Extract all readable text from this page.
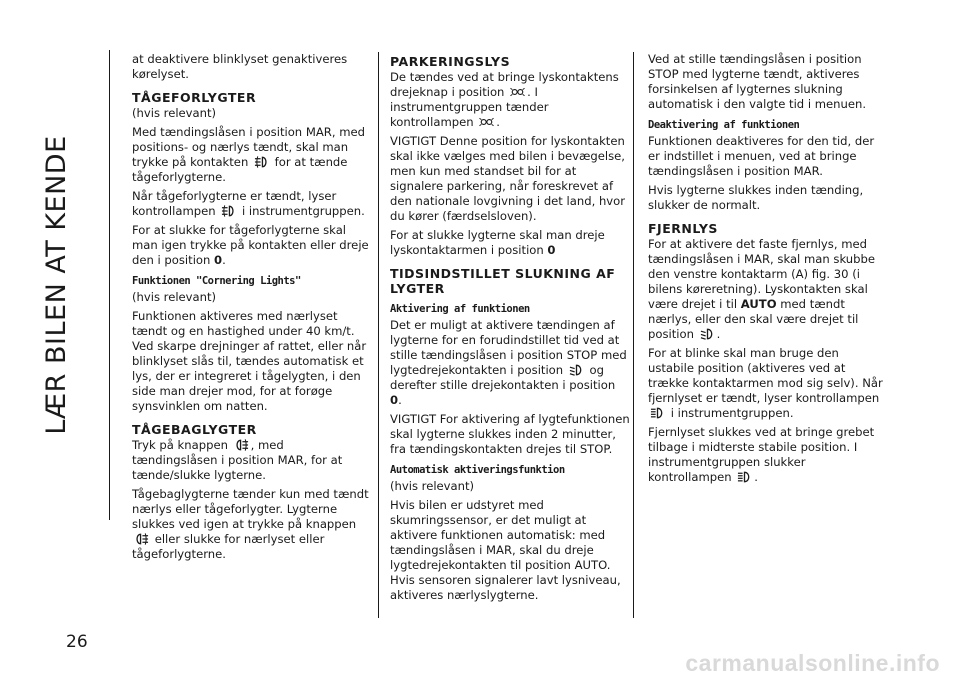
LÆR BILEN AT KENDE
26

at deaktivere blinklyset genaktiveres kørelyset.

TÅGEFORLYGTER

(hvis relevant)

Med tændingslåsen i position MAR, med positions- og nærlys tændt, skal man trykke på kontakten for at tænde tågeforlygterne.

Når tågeforlygterne er tændt, lyser kontrollampen i instrumentgruppen.

For at slukke for tågeforlygterne skal man igen trykke på kontakten eller dreje den i position 0.

Funktionen "Cornering Lights"

(hvis relevant)

Funktionen aktiveres med nærlyset tændt og en hastighed under 40 km/t. Ved skarpe drejninger af rattet, eller når blinklyset slås til, tændes automatisk et lys, der er integreret i tågelygten, i den side man drejer mod, for at forøge synsvinklen om natten.

TÅGEBAGLYGTER

Tryk på knappen , med tændingslåsen i position MAR, for at tænde/slukke lygterne.

Tågebaglygterne tænder kun med tændt nærlys eller tågeforlygter. Lygterne slukkes ved igen at trykke på knappen
eller slukke for nærlyset eller tågeforlygterne.

PARKERINGSLYS

De tændes ved at bringe lyskontaktens drejeknap i position . I instrumentgruppen tænder kontrollampen .

VIGTIGT Denne position for lyskontakten skal ikke vælges med bilen i bevægelse, men kun med standset bil for at signalere parkering, når foreskrevet af den nationale lovgivning i det land, hvor du kører (færdselsloven).

For at slukke lygterne skal man dreje lyskontaktarmen i position 0

TIDSINDSTILLET SLUKNING AF LYGTER
Aktivering af funktionen

Det er muligt at aktivere tændingen af lygterne for en forudindstillet tid ved at stille tændingslåsen i position STOP med lygtedrejekontakten i position og derefter stille drejekontakten i position 0.

VIGTIGT For aktivering af lygtefunktionen skal lygterne slukkes inden 2 minutter, fra tændingskontakten drejes til STOP.

Automatisk aktiveringsfunktion

(hvis relevant)

Hvis bilen er udstyret med skumringssensor, er det muligt at aktivere funktionen automatisk: med tændingslåsen i MAR, skal du dreje lygtedrejekontakten til position AUTO. Hvis sensoren signalerer lavt lysniveau, aktiveres nærlyslygterne.

Ved at stille tændingslåsen i position STOP med lygterne tændt, aktiveres forsinkelsen af lygternes slukning automatisk i den valgte tid i menuen.

Deaktivering af funktionen

Funktionen deaktiveres for den tid, der er indstillet i menuen, ved at bringe tændingslåsen i position MAR.

Hvis lygterne slukkes inden tænding, slukker de normalt.

FJERNLYS

For at aktivere det faste fjernlys, med tændingslåsen i MAR, skal man skubbe den venstre kontaktarm (A) fig. 30 (i bilens køreretning). Lyskontakten skal være drejet i til AUTO med tændt nærlys, eller den skal være drejet til position .

For at blinke skal man bruge den ustabile position (aktiveres ved at trække kontaktarmen mod sig selv). Når fjernlyset er tændt, lyser kontrollampen
i instrumentgruppen.

Fjernlyset slukkes ved at bringe grebet tilbage i midterste stabile position. I instrumentgruppen slukker kontrollampen .

carmanualsonline.info
